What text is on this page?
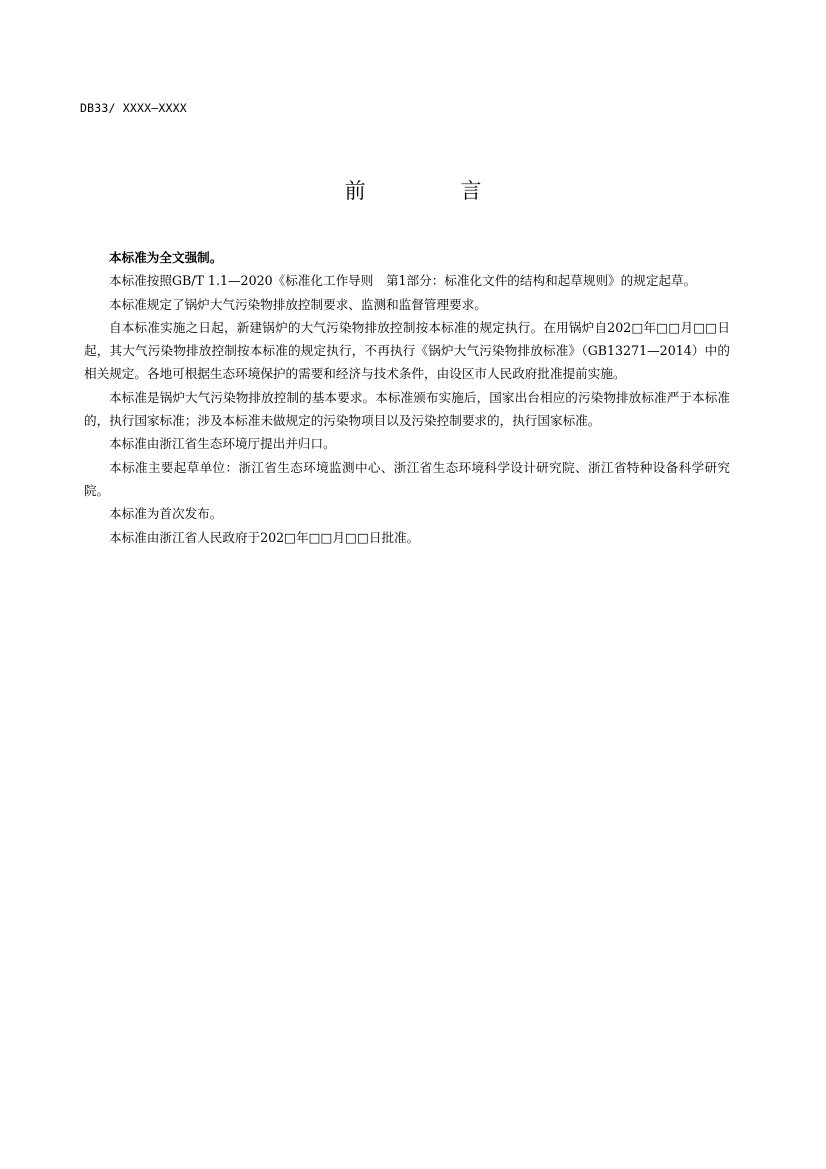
DB33/ XXXX—XXXX
前 言

本标准为全文强制。

本标准按照GB/T 1.1—2020《标准化工作导则　第1部分：标准化文件的结构和起草规则》的规定起草。

本标准规定了锅炉大气污染物排放控制要求、监测和监督管理要求。

自本标准实施之日起，新建锅炉的大气污染物排放控制按本标准的规定执行。在用锅炉自202□年□□月□□日起，其大气污染物排放控制按本标准的规定执行，不再执行《锅炉大气污染物排放标准》（GB13271—2014）中的相关规定。各地可根据生态环境保护的需要和经济与技术条件，由设区市人民政府批准提前实施。

本标准是锅炉大气污染物排放控制的基本要求。本标准颁布实施后，国家出台相应的污染物排放标准严于本标准的，执行国家标准；涉及本标准未做规定的污染物项目以及污染控制要求的，执行国家标准。

本标准由浙江省生态环境厅提出并归口。

本标准主要起草单位：浙江省生态环境监测中心、浙江省生态环境科学设计研究院、浙江省特种设备科学研究院。

本标准为首次发布。

本标准由浙江省人民政府于202□年□□月□□日批准。
